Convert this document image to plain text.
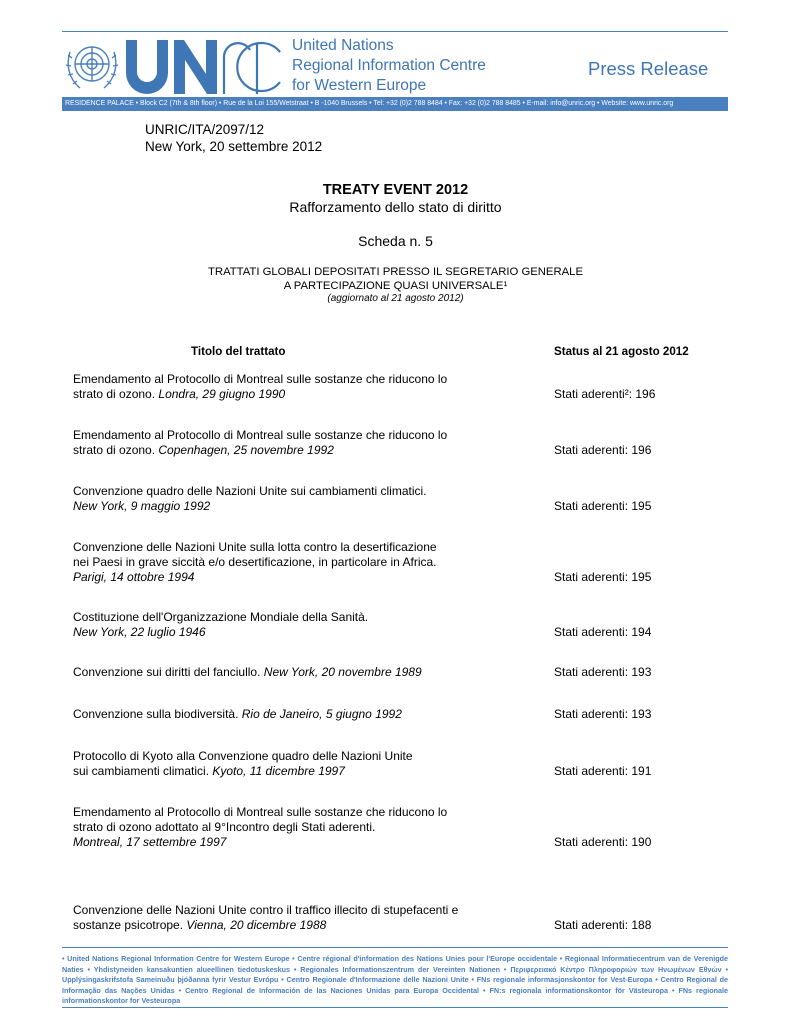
United Nations
Regional Information Centre
for Western Europe
Press Release
RESIDENCE PALACE • Block C2 (7th & 8th floor) • Rue de la Loi 155/Wetstraat • B -1040 Brussels • Tel: +32 (0)2 788 8484 • Fax: +32 (0)2 788 8485 • E-mail: info@unric.org • Website: www.unric.org
UNRIC/ITA/2097/12
New York, 20 settembre 2012
TREATY EVENT 2012
Rafforzamento dello stato di diritto
Scheda n. 5
TRATTATI GLOBALI DEPOSITATI PRESSO IL SEGRETARIO GENERALE
A PARTECIPAZIONE QUASI UNIVERSALE¹
(aggiornato al 21 agosto 2012)
Titolo del trattato	Status al 21 agosto 2012
Emendamento al Protocollo di Montreal sulle sostanze che riducono lo
strato di ozono. Londra, 29 giugno 1990	Stati aderenti²: 196
Emendamento al Protocollo di Montreal sulle sostanze che riducono lo
strato di ozono. Copenhagen, 25 novembre 1992	Stati aderenti: 196
Convenzione quadro delle Nazioni Unite sui cambiamenti climatici.
New York, 9 maggio 1992	Stati aderenti: 195
Convenzione delle Nazioni Unite sulla lotta contro la desertificazione
nei Paesi in grave siccità e/o desertificazione, in particolare in Africa.
Parigi, 14 ottobre 1994	Stati aderenti: 195
Costituzione dell'Organizzazione Mondiale della Sanità.
New York, 22 luglio 1946	Stati aderenti: 194
Convenzione sui diritti del fanciullo. New York, 20 novembre 1989	Stati aderenti: 193
Convenzione sulla biodiversità. Rio de Janeiro, 5 giugno 1992	Stati aderenti: 193
Protocollo di Kyoto alla Convenzione quadro delle Nazioni Unite
sui cambiamenti climatici. Kyoto, 11 dicembre 1997	Stati aderenti: 191
Emendamento al Protocollo di Montreal sulle sostanze che riducono lo
strato di ozono adottato al 9°Incontro degli Stati aderenti.
Montreal, 17 settembre 1997	Stati aderenti: 190
Convenzione delle Nazioni Unite contro il traffico illecito di stupefacenti e
sostanze psicotrope. Vienna, 20 dicembre 1988	Stati aderenti: 188
• United Nations Regional Information Centre for Western Europe • Centre régional d'information des Nations Unies pour l'Europe occidentale • Regionaal Informatiecentrum van de Verenigde Naties • Yhdistyneiden kansakuntien alueellinen tiedotuskeskus • Regionales Informationszentrum der Vereinten Nationen • Περιφερειακό Κέντρο Πληροφοριών των Ηνωμένων Εθνών • Upplýsingaskrifstofa Sameinuðu þjóðanna fyrir Vestur Evrópu • Centro Regionale d'Informazione delle Nazioni Unite • FNs regionale informasjonskontor for Vest-Europa • Centro Regional de Informação das Nações Unidas • Centro Regional de Información de las Naciones Unidas para Europa Occidental • FN:s regionala informationskontor för Västeuropa • FNs regionale informationskontor for Vesteuropa
